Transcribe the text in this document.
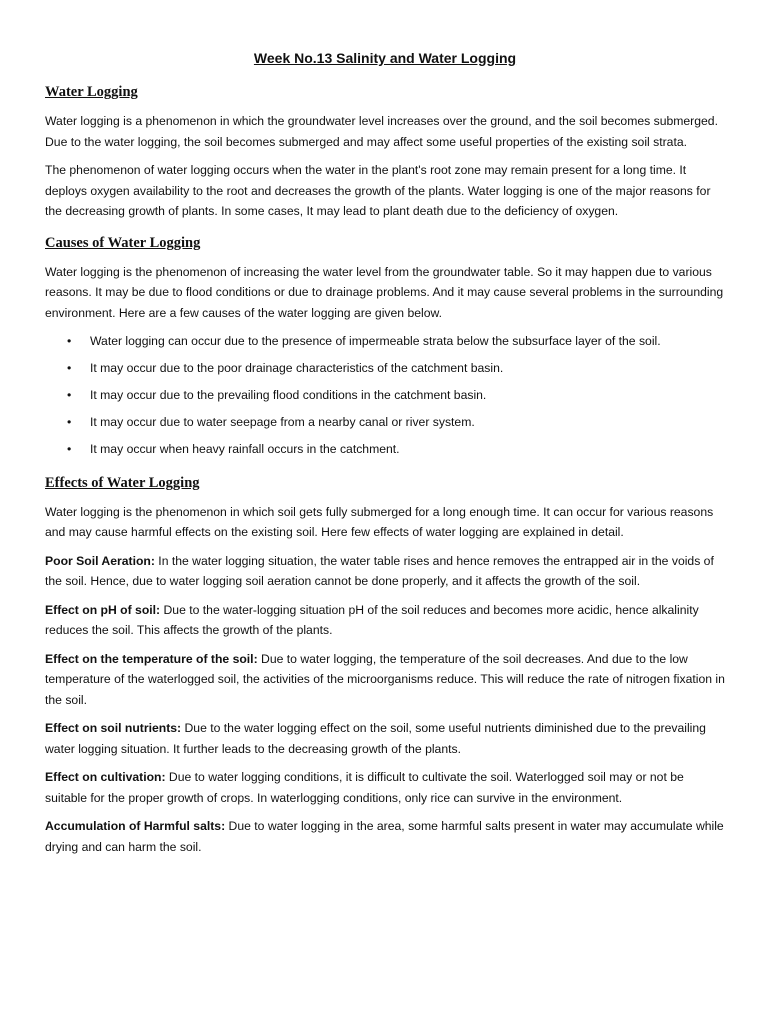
Week No.13 Salinity and Water Logging
Water Logging

Water logging is a phenomenon in which the groundwater level increases over the ground, and the soil becomes submerged. Due to the water logging, the soil becomes submerged and may affect some useful properties of the existing soil strata.

The phenomenon of water logging occurs when the water in the plant's root zone may remain present for a long time. It deploys oxygen availability to the root and decreases the growth of the plants. Water logging is one of the major reasons for the decreasing growth of plants. In some cases, It may lead to plant death due to the deficiency of oxygen.

Causes of Water Logging

Water logging is the phenomenon of increasing the water level from the groundwater table. So it may happen due to various reasons. It may be due to flood conditions or due to drainage problems. And it may cause several problems in the surrounding environment. Here are a few causes of the water logging are given below.

• Water logging can occur due to the presence of impermeable strata below the subsurface layer of the soil.
• It may occur due to the poor drainage characteristics of the catchment basin.
• It may occur due to the prevailing flood conditions in the catchment basin.
• It may occur due to water seepage from a nearby canal or river system.
• It may occur when heavy rainfall occurs in the catchment.
Effects of Water Logging

Water logging is the phenomenon in which soil gets fully submerged for a long enough time. It can occur for various reasons and may cause harmful effects on the existing soil. Here few effects of water logging are explained in detail.

Poor Soil Aeration: In the water logging situation, the water table rises and hence removes the entrapped air in the voids of the soil. Hence, due to water logging soil aeration cannot be done properly, and it affects the growth of the soil.

Effect on pH of soil: Due to the water-logging situation pH of the soil reduces and becomes more acidic, hence alkalinity reduces the soil. This affects the growth of the plants.

Effect on the temperature of the soil: Due to water logging, the temperature of the soil decreases. And due to the low temperature of the waterlogged soil, the activities of the microorganisms reduce. This will reduce the rate of nitrogen fixation in the soil.

Effect on soil nutrients: Due to the water logging effect on the soil, some useful nutrients diminished due to the prevailing water logging situation. It further leads to the decreasing growth of the plants.

Effect on cultivation: Due to water logging conditions, it is difficult to cultivate the soil. Waterlogged soil may or not be suitable for the proper growth of crops. In waterlogging conditions, only rice can survive in the environment.

Accumulation of Harmful salts: Due to water logging in the area, some harmful salts present in water may accumulate while drying and can harm the soil.
